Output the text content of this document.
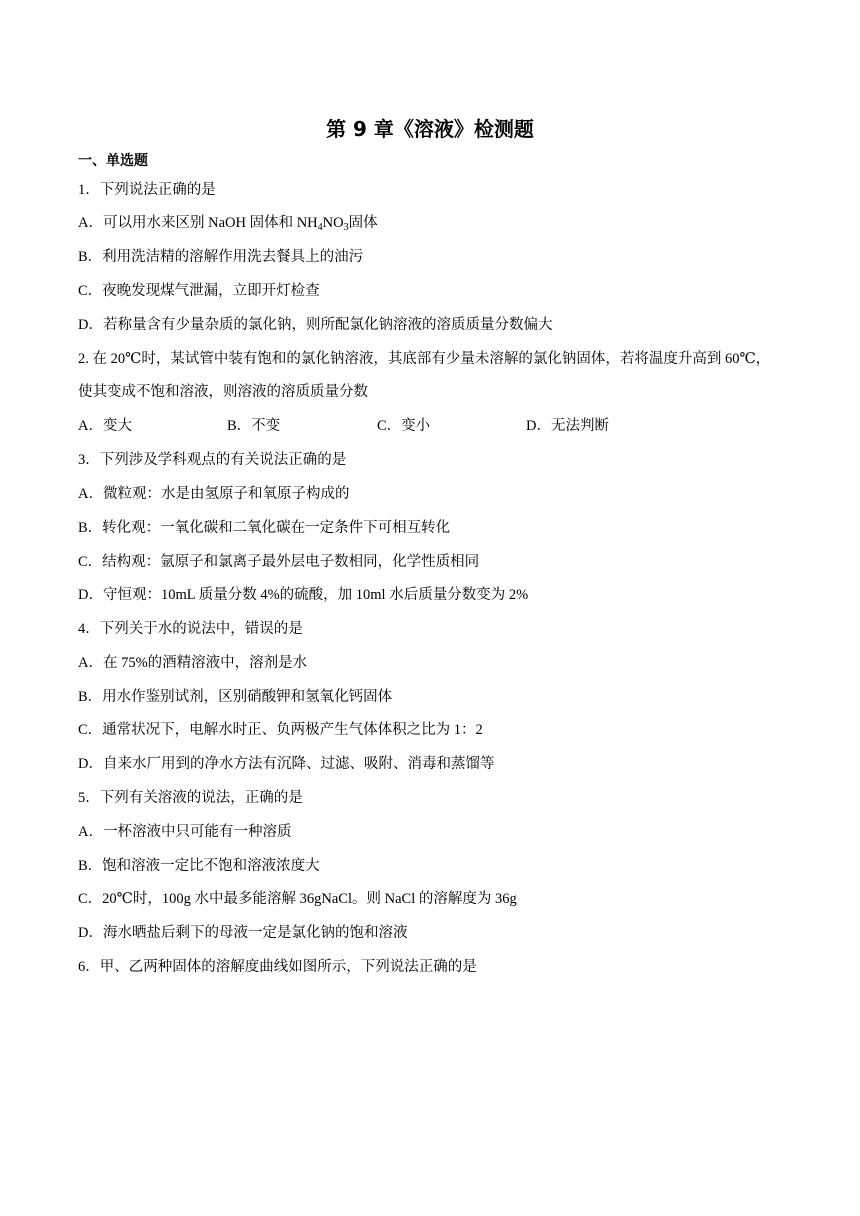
第 9 章《溶液》检测题
一、单选题
1．下列说法正确的是
A．可以用水来区别 NaOH 固体和 $NH_4NO_3$固体
B．利用洗洁精的溶解作用洗去餐具上的油污
C．夜晚发现煤气泄漏，立即开灯检查
D．若称量含有少量杂质的氯化钠，则所配氯化钠溶液的溶质质量分数偏大
2. 在 20℃时，某试管中装有饱和的氯化钠溶液，其底部有少量未溶解的氯化钠固体，若将温度升高到 60℃，
使其变成不饱和溶液，则溶液的溶质质量分数
A．变大	B．不变	C．变小	D．无法判断
3．下列涉及学科观点的有关说法正确的是
A．微粒观：水是由氢原子和氧原子构成的
B．转化观：一氧化碳和二氧化碳在一定条件下可相互转化
C．结构观：氩原子和氯离子最外层电子数相同，化学性质相同
D．守恒观：10mL 质量分数 4%的硫酸，加 10ml 水后质量分数变为 2%
4．下列关于水的说法中，错误的是
A．在 75%的酒精溶液中，溶剂是水
B．用水作鉴别试剂，区别硝酸钾和氢氧化钙固体
C．通常状况下，电解水时正、负两极产生气体体积之比为 1：2
D．自来水厂用到的净水方法有沉降、过滤、吸附、消毒和蒸馏等
5．下列有关溶液的说法，正确的是
A．一杯溶液中只可能有一种溶质
B．饱和溶液一定比不饱和溶液浓度大
C．20℃时，100g 水中最多能溶解 36gNaCl。则 NaCl 的溶解度为 36g
D．海水晒盐后剩下的母液一定是氯化钠的饱和溶液
6．甲、乙两种固体的溶解度曲线如图所示，下列说法正确的是
